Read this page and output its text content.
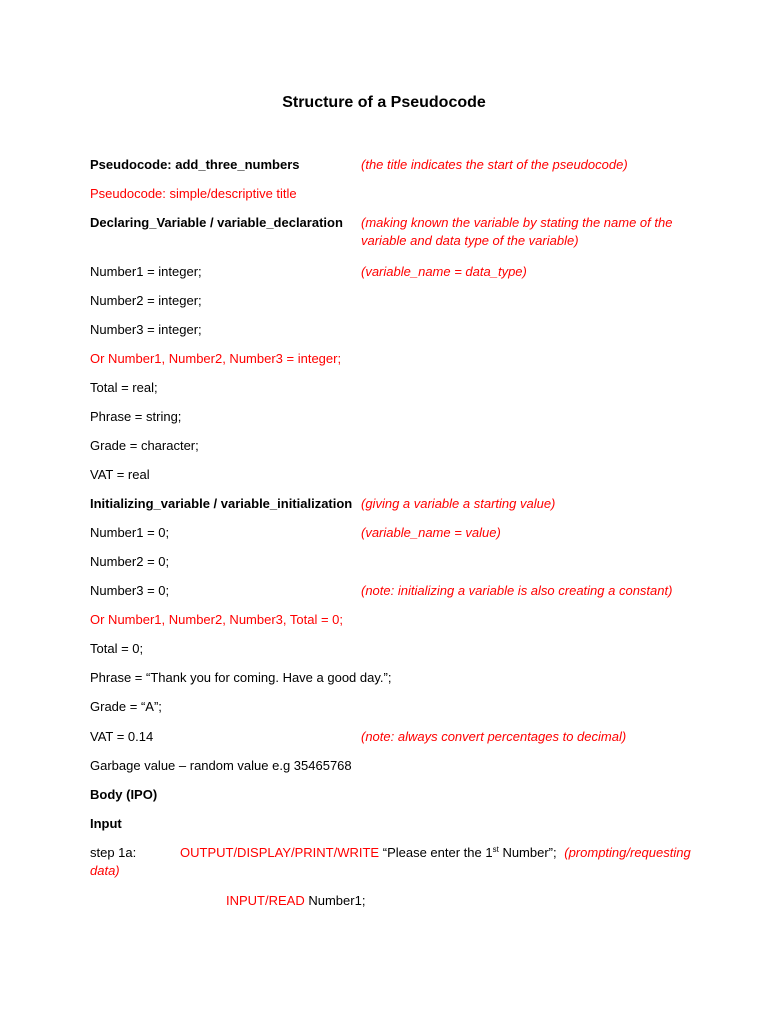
Structure of a Pseudocode
Pseudocode: add_three_numbers	(the title indicates the start of the pseudocode)
Pseudocode: simple/descriptive title
Declaring_Variable / variable_declaration (making known the variable by stating the name of the variable and data type of the variable)
Number1 = integer;	(variable_name = data_type)
Number2 = integer;
Number3 = integer;
Or Number1, Number2, Number3 = integer;
Total = real;
Phrase = string;
Grade = character;
VAT = real
Initializing_variable / variable_initialization (giving a variable a starting value)
Number1 = 0;	(variable_name = value)
Number2 = 0;
Number3 = 0;	(note: initializing a variable is also creating a constant)
Or Number1, Number2, Number3, Total = 0;
Total = 0;
Phrase = “Thank you for coming. Have a good day.”;
Grade = “A”;
VAT = 0.14	(note: always convert percentages to decimal)
Garbage value – random value e.g 35465768
Body (IPO)
Input
step 1a:	OUTPUT/DISPLAY/PRINT/WRITE “Please enter the 1st Number”; (prompting/requesting
data)
INPUT/READ Number1;
